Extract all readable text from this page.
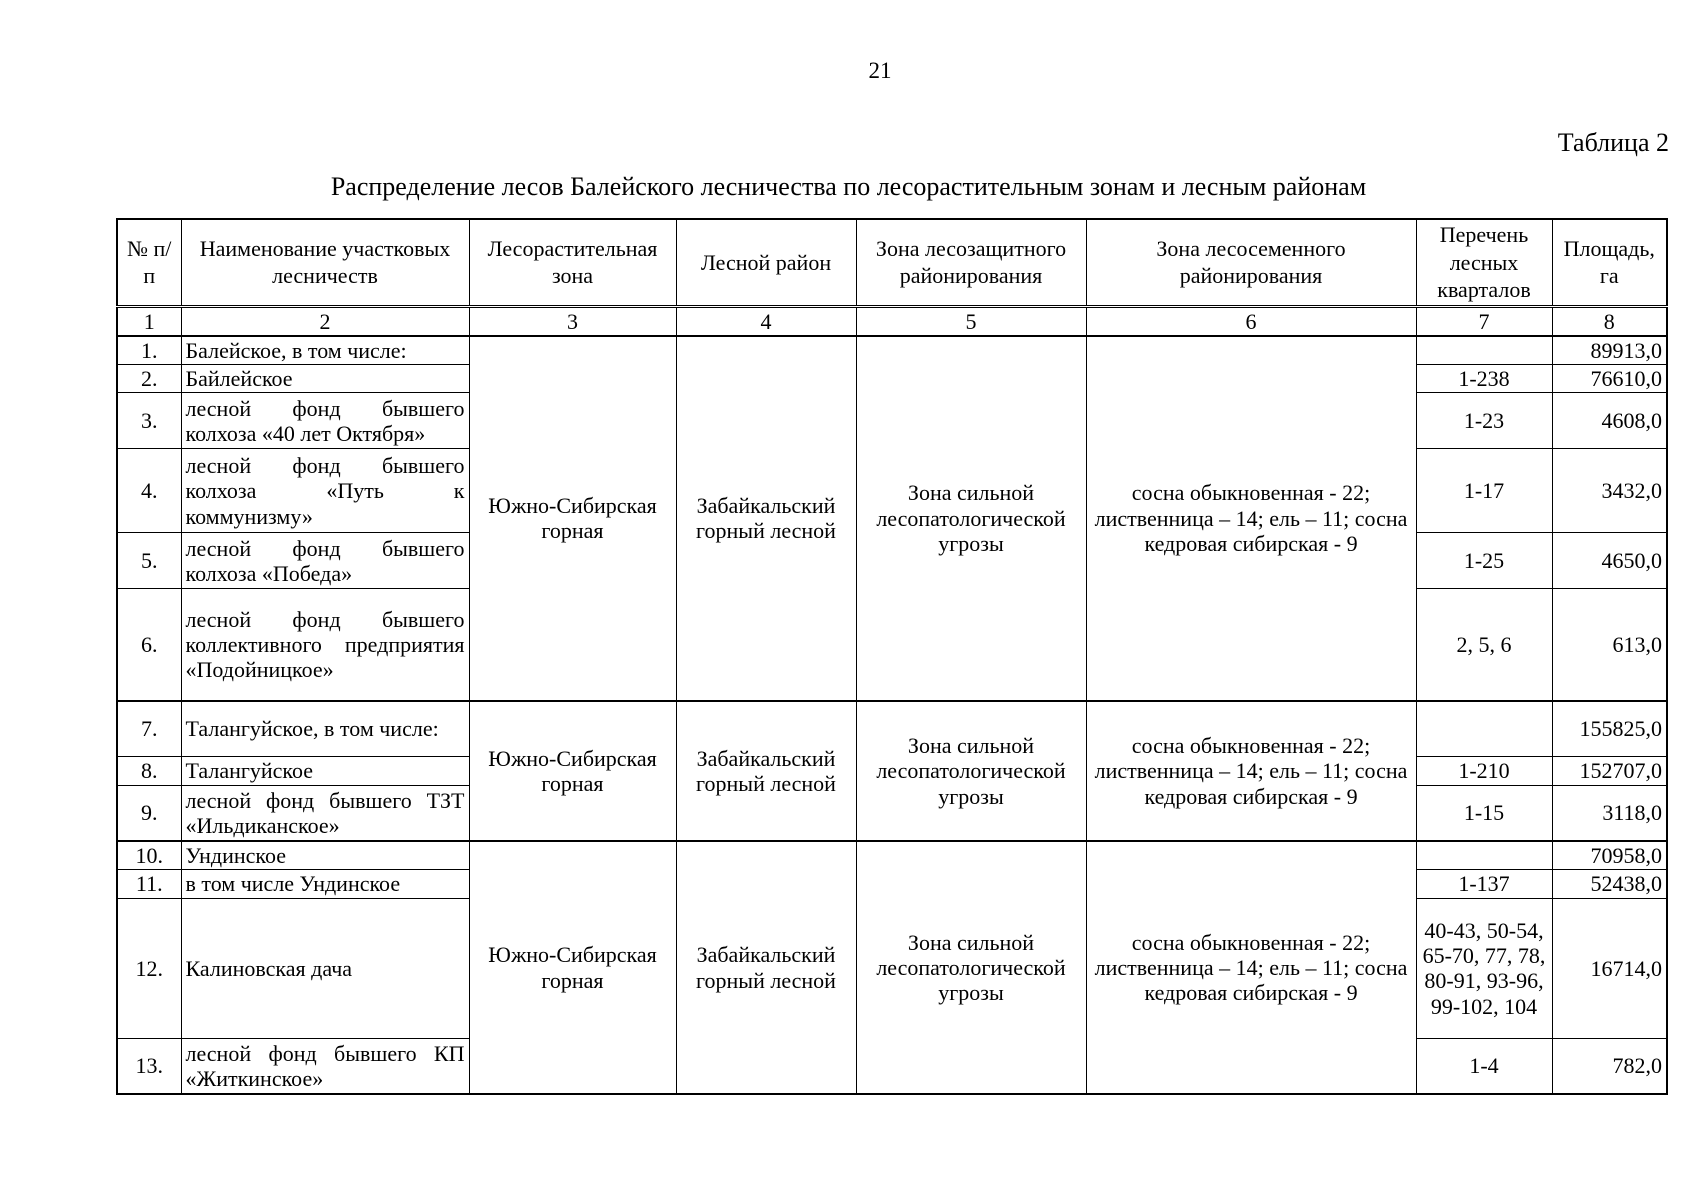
21
Таблица 2
Распределение лесов Балейского лесничества по лесорастительным зонам и лесным районам
№ п/п	Наименование участковых лесничеств	Лесорастительная зона	Лесной район	Зона лесозащитного районирования	Зона лесосеменного районирования	Перечень лесных кварталов	Площадь, га
1	2	3	4	5	6	7	8
1.	Балейское, в том числе:	Южно-Сибирская горная	Забайкальский горный лесной	Зона сильной лесопатологической угрозы	сосна обыкновенная - 22; лиственница – 14; ель – 11; сосна кедровая сибирская - 9		89913,0
2.	Байлейское					1-238	76610,0
3.	лесной фонд бывшего колхоза «40 лет Октября»					1-23	4608,0
4.	лесной фонд бывшего колхоза «Путь к коммунизму»					1-17	3432,0
5.	лесной фонд бывшего колхоза «Победа»					1-25	4650,0
6.	лесной фонд бывшего коллективного предприятия «Подойницкое»					2, 5, 6	613,0
7.	Талангуйское, в том числе:	Южно-Сибирская горная	Забайкальский горный лесной	Зона сильной лесопатологической угрозы	сосна обыкновенная - 22; лиственница – 14; ель – 11; сосна кедровая сибирская - 9		155825,0
8.	Талангуйское					1-210	152707,0
9.	лесной фонд бывшего ТЗТ «Ильдиканское»					1-15	3118,0
10.	Ундинское	Южно-Сибирская горная	Забайкальский горный лесной	Зона сильной лесопатологической угрозы	сосна обыкновенная - 22; лиственница – 14; ель – 11; сосна кедровая сибирская - 9		70958,0
11.	в том числе Ундинское					1-137	52438,0
12.	Калиновская дача					40-43, 50-54, 65-70, 77, 78, 80-91, 93-96, 99-102, 104	16714,0
13.	лесной фонд бывшего КП «Житкинское»					1-4	782,0
